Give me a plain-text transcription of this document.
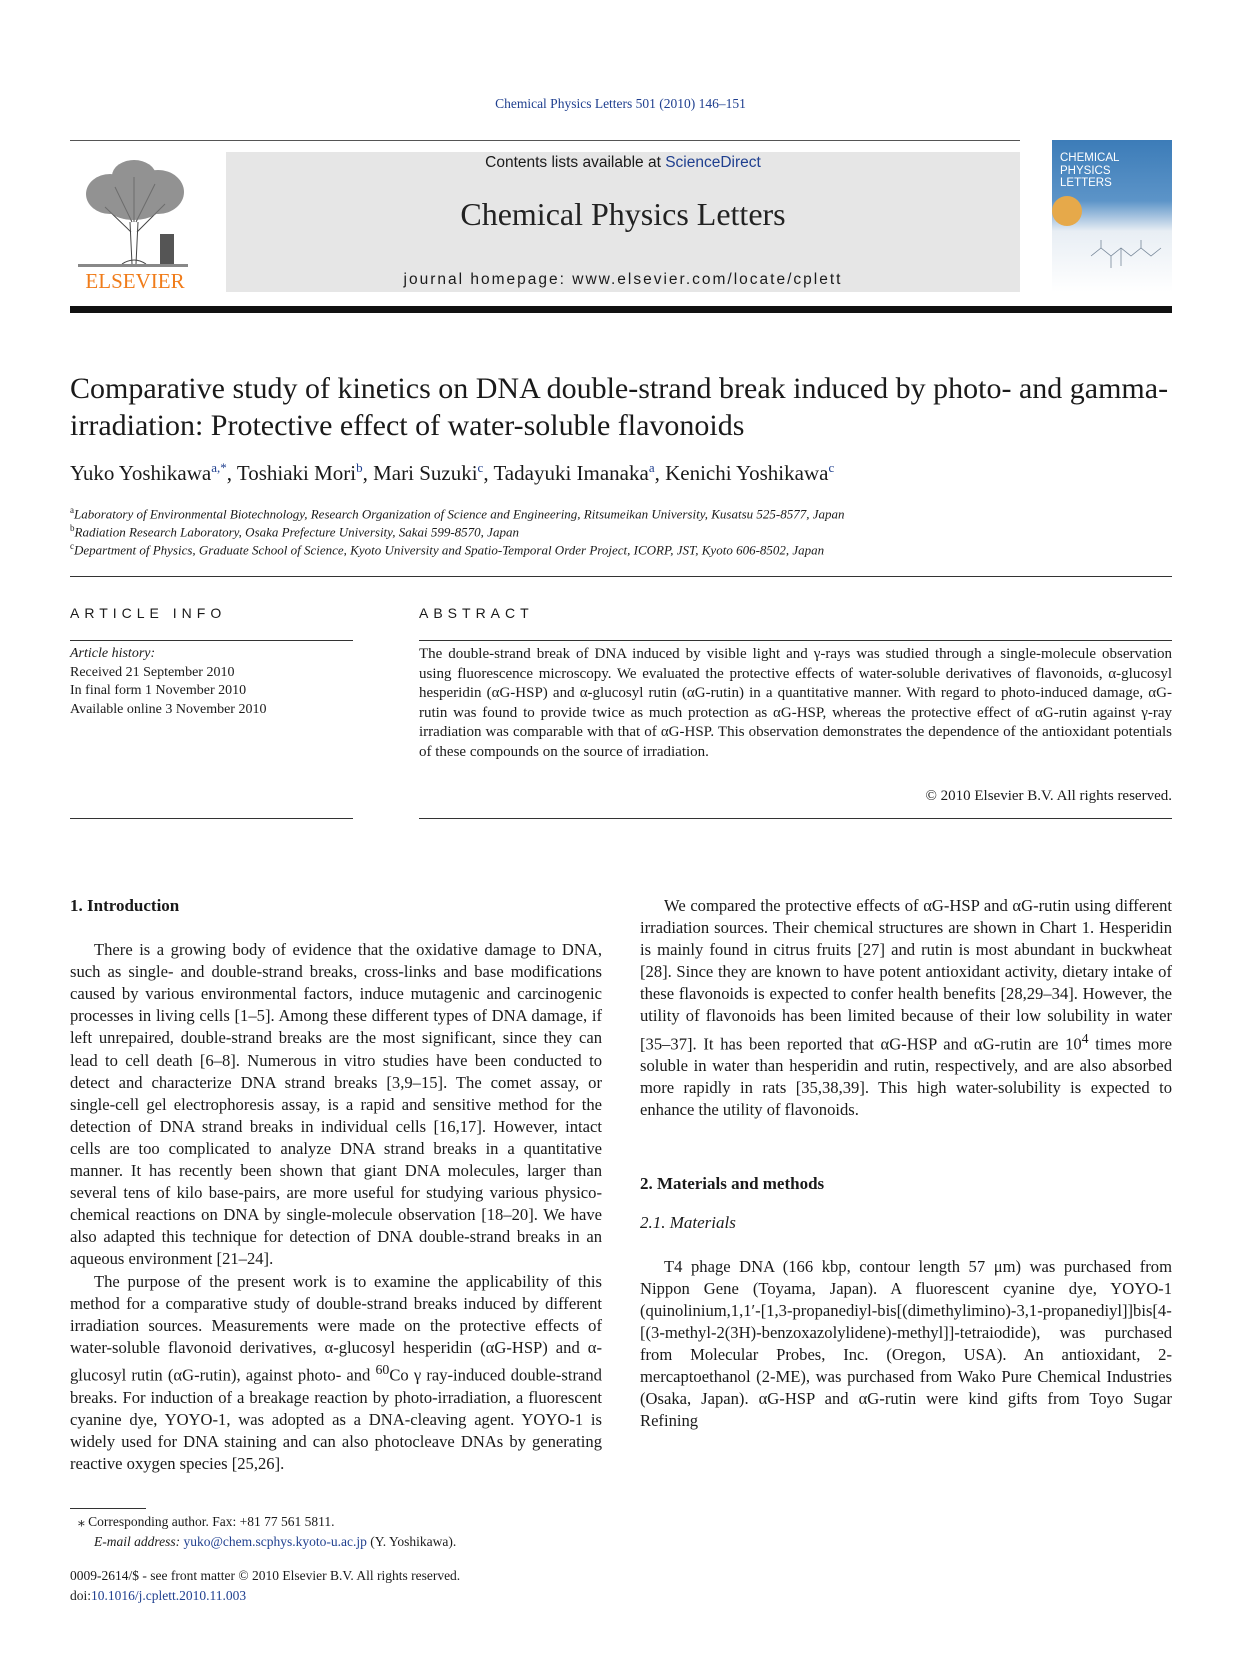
Chemical Physics Letters 501 (2010) 146–151
ELSEVIER
Contents lists available at ScienceDirect
Chemical Physics Letters
journal homepage: www.elsevier.com/locate/cplett
CHEMICAL PHYSICS LETTERS
Comparative study of kinetics on DNA double-strand break induced by photo- and gamma-irradiation: Protective effect of water-soluble flavonoids
Yuko Yoshikawa$^{a,*}$, Toshiaki Mori$^b$, Mari Suzuki$^c$, Tadayuki Imanaka$^a$, Kenichi Yoshikawa$^c$
$^a$Laboratory of Environmental Biotechnology, Research Organization of Science and Engineering, Ritsumeikan University, Kusatsu 525-8577, Japan
$^b$Radiation Research Laboratory, Osaka Prefecture University, Sakai 599-8570, Japan
$^c$Department of Physics, Graduate School of Science, Kyoto University and Spatio-Temporal Order Project, ICORP, JST, Kyoto 606-8502, Japan
ARTICLE INFO
Article history:
Received 21 September 2010
In final form 1 November 2010
Available online 3 November 2010
ABSTRACT
The double-strand break of DNA induced by visible light and γ-rays was studied through a single-molecule observation using fluorescence microscopy. We evaluated the protective effects of water-soluble derivatives of flavonoids, α-glucosyl hesperidin (αG-HSP) and α-glucosyl rutin (αG-rutin) in a quantitative manner. With regard to photo-induced damage, αG-rutin was found to provide twice as much protection as αG-HSP, whereas the protective effect of αG-rutin against γ-ray irradiation was comparable with that of αG-HSP. This observation demonstrates the dependence of the antioxidant potentials of these compounds on the source of irradiation.
© 2010 Elsevier B.V. All rights reserved.
1. Introduction

There is a growing body of evidence that the oxidative damage to DNA, such as single- and double-strand breaks, cross-links and base modifications caused by various environmental factors, induce mutagenic and carcinogenic processes in living cells [1–5]. Among these different types of DNA damage, if left unrepaired, double-strand breaks are the most significant, since they can lead to cell death [6–8]. Numerous in vitro studies have been conducted to detect and characterize DNA strand breaks [3,9–15]. The comet assay, or single-cell gel electrophoresis assay, is a rapid and sensitive method for the detection of DNA strand breaks in individual cells [16,17]. However, intact cells are too complicated to analyze DNA strand breaks in a quantitative manner. It has recently been shown that giant DNA molecules, larger than several tens of kilo base-pairs, are more useful for studying various physico-chemical reactions on DNA by single-molecule observation [18–20]. We have also adapted this technique for detection of DNA double-strand breaks in an aqueous environment [21–24].

The purpose of the present work is to examine the applicability of this method for a comparative study of double-strand breaks induced by different irradiation sources. Measurements were made on the protective effects of water-soluble flavonoid derivatives, α-glucosyl hesperidin (αG-HSP) and α-glucosyl rutin (αG-rutin), against photo- and $^{60}$Co γ ray-induced double-strand breaks. For induction of a breakage reaction by photo-irradiation, a fluorescent cyanine dye, YOYO-1, was adopted as a DNA-cleaving agent. YOYO-1 is widely used for DNA staining and can also photocleave DNAs by generating reactive oxygen species [25,26].

We compared the protective effects of αG-HSP and αG-rutin using different irradiation sources. Their chemical structures are shown in Chart 1. Hesperidin is mainly found in citrus fruits [27] and rutin is most abundant in buckwheat [28]. Since they are known to have potent antioxidant activity, dietary intake of these flavonoids is expected to confer health benefits [28,29–34]. However, the utility of flavonoids has been limited because of their low solubility in water [35–37]. It has been reported that αG-HSP and αG-rutin are $10^4$ times more soluble in water than hesperidin and rutin, respectively, and are also absorbed more rapidly in rats [35,38,39]. This high water-solubility is expected to enhance the utility of flavonoids.

2. Materials and methods
2.1. Materials

T4 phage DNA (166 kbp, contour length 57 μm) was purchased from Nippon Gene (Toyama, Japan). A fluorescent cyanine dye, YOYO-1 (quinolinium,1,1′-[1,3-propanediyl-bis[(dimethylimino)-3,1-propanediyl]]bis[4-[(3-methyl-2(3H)-benzoxazolylidene)-methyl]]-tetraiodide), was purchased from Molecular Probes, Inc. (Oregon, USA). An antioxidant, 2-mercaptoethanol (2-ME), was purchased from Wako Pure Chemical Industries (Osaka, Japan). αG-HSP and αG-rutin were kind gifts from Toyo Sugar Refining

⁎ Corresponding author. Fax: +81 77 561 5811.
E-mail address: yuko@chem.scphys.kyoto-u.ac.jp (Y. Yoshikawa).
0009-2614/$ - see front matter © 2010 Elsevier B.V. All rights reserved.
doi:10.1016/j.cplett.2010.11.003
